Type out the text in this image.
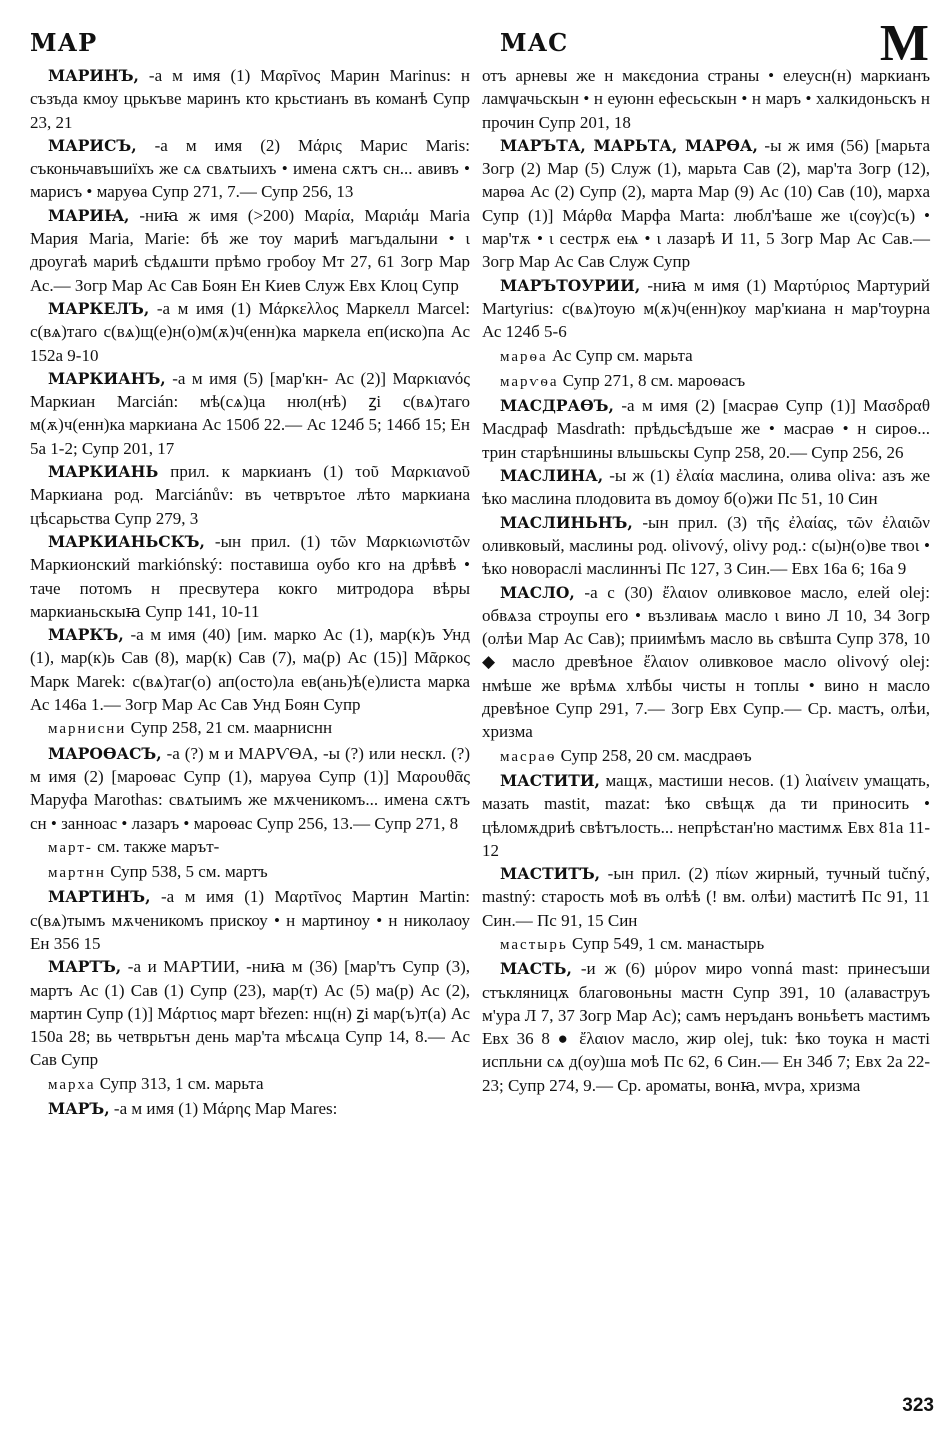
МАР	МАС	М

МАРИНЪ, -а м имя (1) Μαρῖνος Марин Marinus: н съзъда кмоу црькъве маринъ кто крьстианъ въ команѣ Супр 23, 21

МАРИСЪ, -а м имя (2) Μάρις Марис Maris: съконьчавъшиїхъ же сѧ свѧтыихъ • имена сѫтъ сн... авивъ • марисъ • маруѳа Супр 271, 7.— Супр 256, 13

МАРИꙖ, -ниꙗ ж имя (>200) Μαρία, Μαριάμ Maria Мария Maria, Marie: бѣ же тоу мариѣ магъдалыни • ι дроугаѣ мариѣ сѣдѧшти прѣмо гробоу Мт 27, 61 Зогр Мар Ас.— Зогр Мар Ас Сав Боян Ен Киев Служ Евх Клоц Супр

МАРКЕЛЪ, -а м имя (1) Μάρκελλος Маркелл Marcel: с(вѧ)таго с(вѧ)щ(е)н(о)м(ѫ)ч(енн)ка маркела еп(иско)па Ас 152а 9-10

МАРКИАНЪ, -а м имя (5) [мар'кн- Ас (2)] Μαρκιανός Маркиан Marcián: мѣ(сѧ)ца нюл(нѣ) ꙁі с(вѧ)таго м(ѫ)ч(енн)ка маркиана Ас 150б 22.— Ас 124б 5; 146б 15; Ен 5а 1-2; Супр 201, 17

МАРКИАНЬ прил. к маркианъ (1) τοῦ Μαρκιανοῦ Маркиана род. Marciánův: въ четврътое лѣто маркиана цѣсарьства Супр 279, 3

МАРКИАНЬСКЪ, -ын прил. (1) τῶν Μαρκιωνιστῶν Маркионский markiónský: поставиша оубо кго на дрѣвѣ • таче потомъ н пресвутера кокго митродора вѣры маркианьскыꙗ Супр 141, 10-11

МАРКЪ, -а м имя (40) [им. марко Ас (1), мар(к)ъ Унд (1), мар(к)ь Сав (8), мар(к) Сав (7), ма(р) Ас (15)] Μᾶρκος Марк Marek: с(вѧ)таг(о) ап(осто)ла ев(ань)ѣ(е)листа марка Ас 146а 1.— Зогр Мар Ас Сав Унд Боян Супр

марнисни Супр 258, 21 см. маарниснн

МАРОѲАСЪ, -а (?) м и МАРѴѲА, -ы (?) или нескл. (?) м имя (2) [мароѳас Супр (1), маруѳа Супр (1)] Μαρουθᾶς Маруфа Marothas: свѧтыимъ же мѫченикомъ... имена сѫтъ сн • занноас • лазаръ • мароѳас Супр 256, 13.— Супр 271, 8

март- см. также марът-

мартнн Супр 538, 5 см. мартъ

МАРТИНЪ, -а м имя (1) Μαρτῖνος Мартин Martin: с(вѧ)тымъ мѫченикомъ прискоу • н мартиноу • н николаоу Ен 356 15

МАРТЪ, -а и МАРТИИ, -ниꙗ м (36) [мар'тъ Супр (3), мартъ Ас (1) Сав (1) Супр (23), мар(т) Ас (5) ма(р) Ас (2), мартин Супр (1)] Μάρτιος март březen: нц(н) ꙁі мар(ъ)т(а) Ас 150а 28; вь четврьтън день мар'та мѣсѧца Супр 14, 8.— Ас Сав Супр

марха Супр 313, 1 см. марьта

МАРЪ, -а м имя (1) Μάρης Мар Mares:

отъ арневы же н макєдониа страны • елеусн(н) маркианъ ламѱачьскын • н еуюнн ефесьскын • н маръ • халкидоньскъ н прочин Супр 201, 18

МАРЪТА, МАРЬТА, МАРѲА, -ы ж имя (56) [марьта Зогр (2) Мар (5) Служ (1), марьта Сав (2), мар'та Зогр (12), марѳа Ас (2) Супр (2), марта Мар (9) Ас (10) Сав (10), марха Супр (1)] Μάρθα Марфа Marta: любл'ѣаше же ι(сѹ)с(ъ) • мар'тѫ • ι сестрѫ еѩ • ι лазарѣ И 11, 5 Зогр Мар Ас Сав.— Зогр Мар Ас Сав Служ Супр

МАРЪТОУРИИ, -ниꙗ м имя (1) Μαρτύριος Мартурий Martyrius: с(вѧ)тоую м(ѫ)ч(енн)коу мар'киана н мар'тоурна Ас 124б 5-6

марѳа Ас Супр см. марьта

марѵѳа Супр 271, 8 см. мароѳасъ

МАСДРАѲЪ, -а м имя (2) [масраѳ Супр (1)] Μασδραθ Масдраф Masdrath: прѣдьсѣдъше же • масраѳ • н сироѳ... трин старѣншины вльшьскы Супр 258, 20.— Супр 256, 26

МАСЛИНА, -ы ж (1) ἐλαία маслина, олива oliva: азъ же ѣко маслина плодовита въ домоу б(о)жи Пс 51, 10 Син

МАСЛИНЬНЪ, -ын прил. (3) τῆς ἐλαίας, τῶν ἐλαιῶν оливковый, маслины род. olivový, olivy род.: с(ы)н(о)ве твоι • ѣко новораслі маслиннъі Пс 127, 3 Син.— Евх 16а 6; 16а 9

МАСЛО, -а с (30) ἔλαιον оливковое масло, елей olej: обвѧза строупы его • възливаѩ масло ι вино Л 10, 34 Зогр (олѣи Мар Ас Сав); приимѣмъ масло вь свѣшта Супр 378, 10 ◆ масло древѣное ἔλαιον оливковое масло olivový olej: нмѣше же врѣмѧ хлѣбы чисты н топлы • вино н масло древѣное Супр 291, 7.— Зогр Евх Супр.— Ср. мастъ, олѣи, хризма

масраѳ Супр 258, 20 см. масдраѳъ

МАСТИТИ, мащѫ, мастиши несов. (1) λιαίνειν умащать, мазать mastit, mazat: ѣко свѣщѫ да ти приносить • цѣломѫдриѣ свѣтълость... непрѣстан'но мастимѫ Евх 81а 11-12

МАСТИТЪ, -ын прил. (2) πίων жирный, тучный tučný, mastný: старость моѣ въ олѣѣ (! вм. олѣи) маститѣ Пс 91, 11 Син.— Пс 91, 15 Син

мастырь Супр 549, 1 см. манастырь

МАСТЬ, -и ж (6) μύρον миро vonná mast: принесъши стъкляницѫ благовоньны мастн Супр 391, 10 (алаваструъ м'ура Л 7, 37 Зогр Мар Ас); самъ неръданъ воньѣетъ мастимъ Евх 36 8 ● ἔλαιον масло, жир olej, tuk: ѣко тоука н масті испльни сѧ д(оу)ша моѣ Пс 62, 6 Син.— Ен 34б 7; Евх 2а 22-23; Супр 274, 9.— Ср. ароматы, вонꙗ, мѵра, хризма

323
